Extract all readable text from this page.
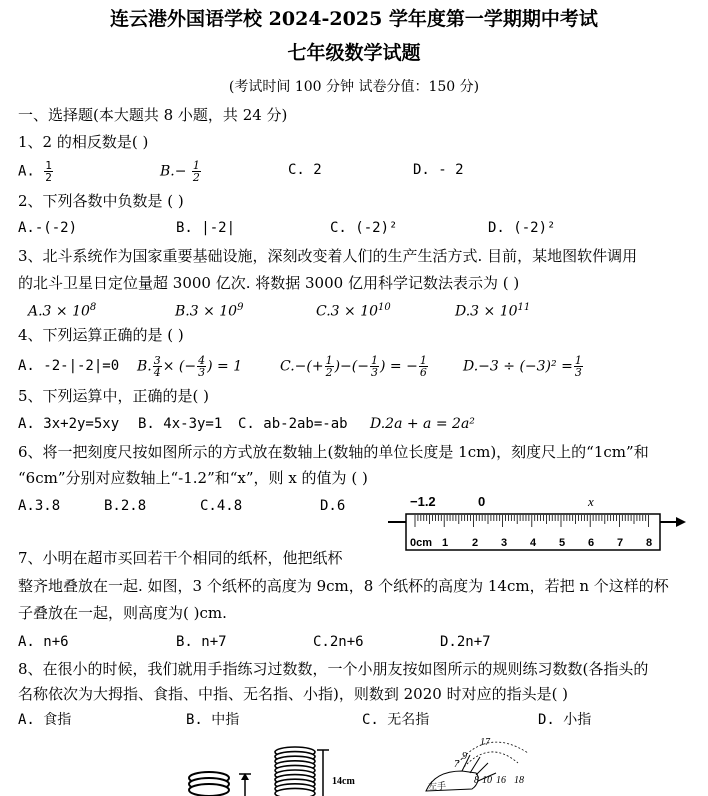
连云港外国语学校 2024-2025 学年度第一学期期中考试
七年级数学试题
(考试时间 100 分钟 试卷分值：150 分)
一、选择题(本大题共 8 小题，共 24 分)
1、2 的相反数是( )
A. $\frac{1}{2}$	$B.- \frac{1}{2}$	C. 2	D. - 2
2、下列各数中负数是 ( )
A.-(-2)	B. |-2|	C. (-2)²	D. (-2)²
3、北斗系统作为国家重要基础设施，深刻改变着人们的生产生活方式. 目前，某地图软件调用
的北斗卫星日定位量超 3000 亿次. 将数据 3000 亿用科学记数法表示为 ( )
$A.3 \times 10^8$	$B.3 \times 10^9$	$C.3 \times 10^{10}$	$D.3 \times 10^{11}$
4、下列运算正确的是 ( )
A. -2-|-2|=0 B. $\frac{3}{4}$ × (− $\frac{4}{3}$ ) = 1	$C.-(+ \frac{1}{2}$ )−(− $\frac{1}{3}$ ) = − $\frac{1}{6}$	$D.-3 \div (-3)^2 = \frac{1}{3}$
5、下列运算中，正确的是( )
A. 3x+2y=5xy B. 4x-3y=1 C. ab-2ab=-ab D.2a + a = 2a²
6、将一把刻度尺按如图所示的方式放在数轴上(数轴的单位长度是 1cm)，刻度尺上的“1cm”和
“6cm”分别对应数轴上“-1.2”和“x”，则 x 的值为 ( )
A.3.8	B.2.8	C.4.8	D.6	−1.2	0	x
0cm 1 2 3 4 5 6 7 8
7、小明在超市买回若干个相同的纸杯，他把纸杯
整齐地叠放在一起. 如图，3 个纸杯的高度为 9cm，8 个纸杯的高度为 14cm，若把 n 个这样的杯
子叠放在一起，则高度为( )cm.
A. n+6	B. n+7	C.2n+6	D.2n+7
8、在很小的时候，我们就用手指练习过数数，一个小朋友按如图所示的规则练习数数(各指头的
名称依次为大拇指、食指、中指、无名指、小指)，则数到 2020 时对应的指头是( )
A. 食指	B. 中指	C. 无名指	D. 小指
14cm
17
9
7
8 10 16 18
左手
